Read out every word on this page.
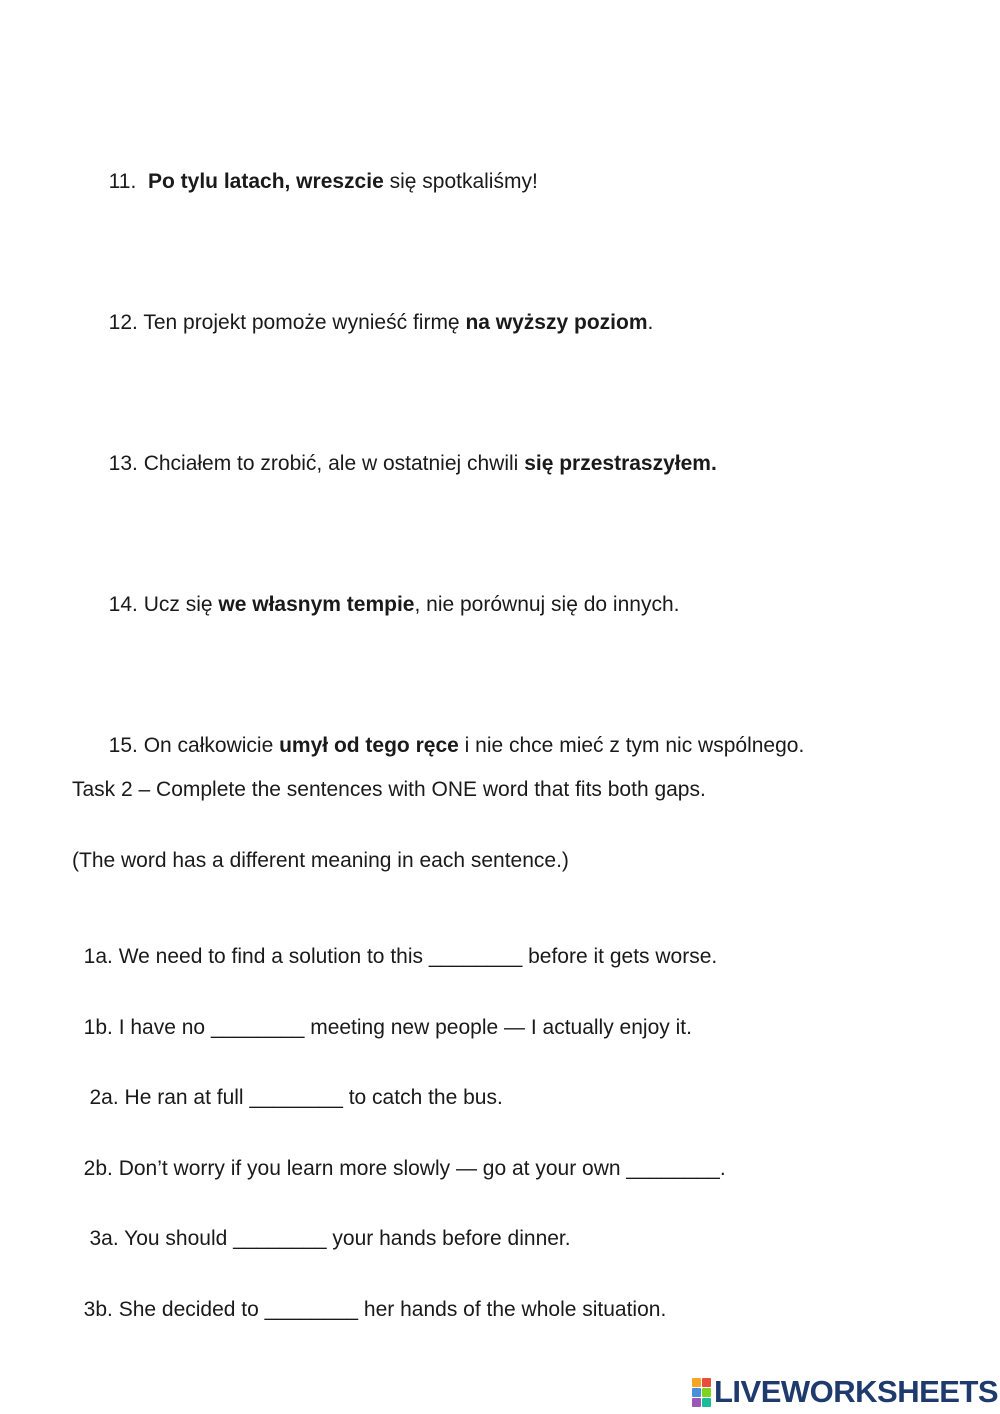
11.  Po tylu latach, wreszcie się spotkaliśmy!

12. Ten projekt pomoże wynieść firmę na wyższy poziom.

13. Chciałem to zrobić, ale w ostatniej chwili się przestraszyłem.

14. Ucz się we własnym tempie, nie porównuj się do innych.

15. On całkowicie umył od tego ręce i nie chce mieć z tym nic wspólnego.

Task 2 – Complete the sentences with ONE word that fits both gaps.
(The word has a different meaning in each sentence.)

1a. We need to find a solution to this ________ before it gets worse.

1b. I have no ________ meeting new people — I actually enjoy it.

2a. He ran at full ________ to catch the bus.

2b. Don’t worry if you learn more slowly — go at your own ________.

3a. You should ________ your hands before dinner.

3b. She decided to ________ her hands of the whole situation.

LIVEWORKSHEETS
